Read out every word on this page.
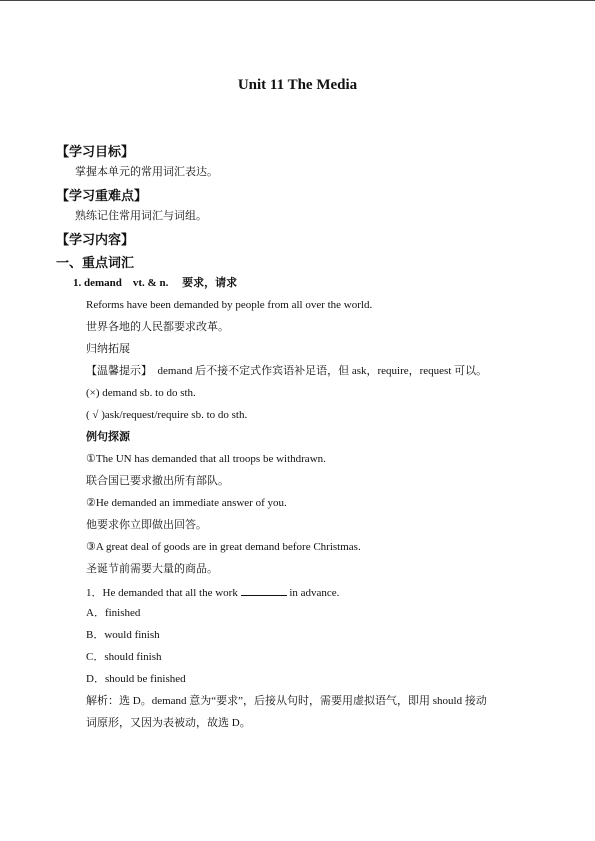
Unit 11 The Media
【学习目标】
掌握本单元的常用词汇表达。
【学习重难点】
熟练记住常用词汇与词组。
【学习内容】
一、重点词汇
1. demand　vt. & n.　 要求，请求
Reforms have been demanded by people from all over the world.
世界各地的人民都要求改革。
归纳拓展
【温馨提示】　demand 后不接不定式作宾语补足语，但 ask，require，request 可以。
(×) demand sb. to do sth.
( √ )ask/request/require sb. to do sth.
例句探源
①The UN has demanded that all troops be withdrawn.
联合国已要求撤出所有部队。
②He demanded an immediate answer of you.
他要求你立即做出回答。
③A great deal of goods are in great demand before Christmas.
圣诞节前需要大量的商品。
1．He demanded that all the work	in advance.
A．finished
B．would finish
C．should finish
D．should be finished
解析：选 D。demand 意为“要求”，后接从句时，需要用虚拟语气，即用 should 接动
词原形，又因为表被动，故选 D。
